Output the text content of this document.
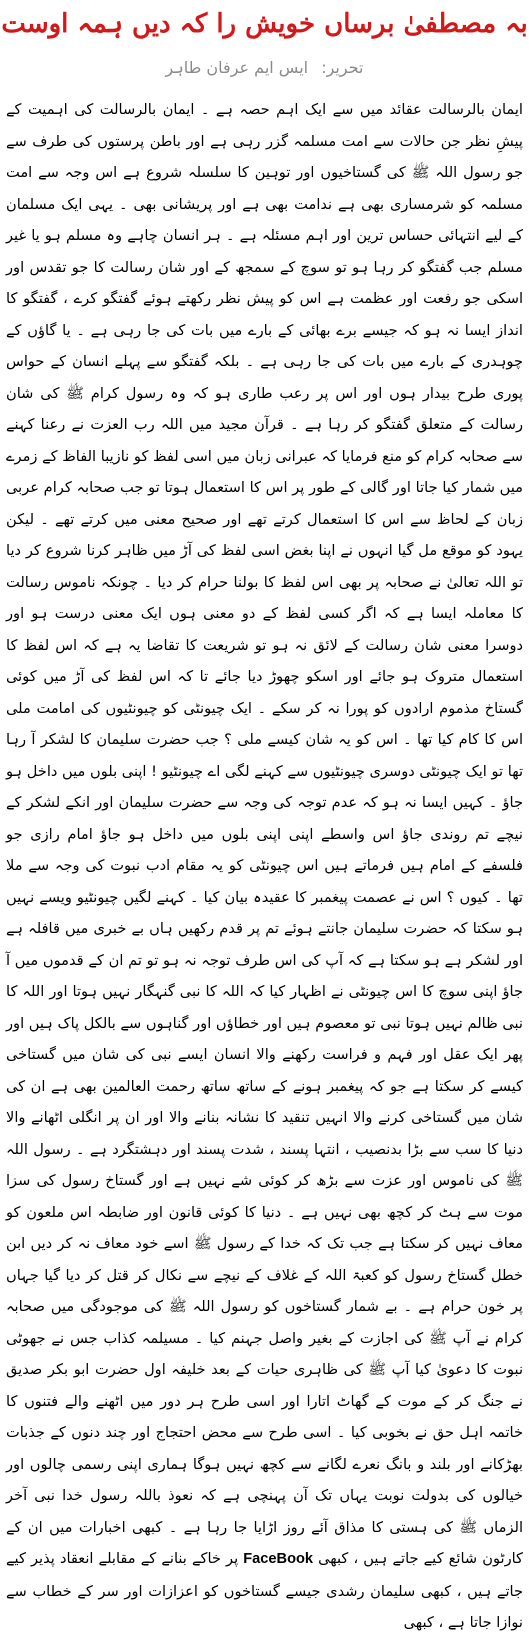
بہ مصطفیٰ برساں خویش را کہ دیں ہمہ اوست
تحریر: ایس ایم عرفان طاہر

ایمان بالرسالت عقائد میں سے ایک اہم حصہ ہے ۔ ایمان بالرسالت کی اہمیت کے پیشِ نظر جن حالات سے امت مسلمہ گزر رہی ہے اور باطن پرستوں کی طرف سے جو رسول اللہ ﷺ کی گستاخیوں اور توہین کا سلسلہ شروع ہے اس وجہ سے امت مسلمہ کو شرمساری بھی ہے ندامت بھی ہے اور پریشانی بھی ۔ یہی ایک مسلمان کے لیے انتہائی حساس ترین اور اہم مسئلہ ہے ۔ ہر انسان چاہے وہ مسلم ہو یا غیر مسلم جب گفتگو کر رہا ہو تو سوچ کے سمجھ کے اور شان رسالت کا جو تقدس اور اسکی جو رفعت اور عظمت ہے اس کو پیش نظر رکھتے ہوئے گفتگو کرے ، گفتگو کا انداز ایسا نہ ہو کہ جیسے برے بھائی کے بارے میں بات کی جا رہی ہے ۔ یا گاؤں کے چوہدری کے بارے میں بات کی جا رہی ہے ۔ بلکہ گفتگو سے پہلے انسان کے حواس پوری طرح بیدار ہوں اور اس پر رعب طاری ہو کہ وہ رسول کرام ﷺ کی شان رسالت کے متعلق گفتگو کر رہا ہے ۔ قرآن مجید میں اللہ رب العزت نے رعنا کہنے سے صحابہ کرام کو منع فرمایا کہ عبرانی زبان میں اسی لفظ کو نازیبا الفاظ کے زمرے میں شمار کیا جاتا اور گالی کے طور پر اس کا استعمال ہوتا تو جب صحابہ کرام عربی زبان کے لحاظ سے اس کا استعمال کرتے تھے اور صحیح معنی میں کرتے تھے ۔ لیکن یہود کو موقع مل گیا انہوں نے اپنا بغض اسی لفظ کی آڑ میں ظاہر کرنا شروع کر دیا تو اللہ تعالیٰ نے صحابہ پر بھی اس لفظ کا بولنا حرام کر دیا ۔ چونکہ ناموس رسالت کا معاملہ ایسا ہے کہ اگر کسی لفظ کے دو معنی ہوں ایک معنی درست ہو اور دوسرا معنی شان رسالت کے لائق نہ ہو تو شریعت کا تقاضا یہ ہے کہ اس لفظ کا استعمال متروک ہو جائے اور اسکو چھوڑ دیا جائے تا کہ اس لفظ کی آڑ میں کوئی گستاخ مذموم ارادوں کو پورا نہ کر سکے ۔ ایک چیونٹی کو چیونٹیوں کی امامت ملی اس کا کام کیا تھا ۔ اس کو یہ شان کیسے ملی ؟ جب حضرت سلیمان کا لشکر آ رہا تھا تو ایک چیونٹی دوسری چیونٹیوں سے کہنے لگی اے چیونٹیو ! اپنی بلوں میں داخل ہو جاؤ ۔ کہیں ایسا نہ ہو کہ عدم توجہ کی وجہ سے حضرت سلیمان اور انکے لشکر کے نیچے تم روندی جاؤ اس واسطے اپنی اپنی بلوں میں داخل ہو جاؤ امام رازی جو فلسفے کے امام ہیں فرماتے ہیں اس چیونٹی کو یہ مقام ادب نبوت کی وجہ سے ملا تھا ۔ کیوں ؟ اس نے عصمت پیغمبر کا عقیدہ بیان کیا ۔ کہنے لگیں چیونٹیو ویسے نہیں ہو سکتا کہ حضرت سلیمان جانتے ہوئے تم پر قدم رکھیں ہاں بے خبری میں قافلہ ہے اور لشکر ہے ہو سکتا ہے کہ آپ کی اس طرف توجہ نہ ہو تو تم ان کے قدموں میں آ جاؤ اپنی سوچ کا اس چیونٹی نے اظہار کیا کہ اللہ کا نبی گنہگار نہیں ہوتا اور اللہ کا نبی ظالم نہیں ہوتا نبی تو معصوم ہیں اور خطاؤں اور گناہوں سے بالکل پاک ہیں اور پھر ایک عقل اور فہم و فراست رکھنے والا انسان ایسے نبی کی شان میں گستاخی کیسے کر سکتا ہے جو کہ پیغمبر ہونے کے ساتھ ساتھ رحمت العالمین بھی ہے ان کی شان میں گستاخی کرنے والا انہیں تنقید کا نشانہ بنانے والا اور ان پر انگلی اٹھانے والا دنیا کا سب سے بڑا بدنصیب ، انتہا پسند ، شدت پسند اور دہشتگرد ہے ۔ رسول اللہ ﷺ کی ناموس اور عزت سے بڑھ کر کوئی شے نہیں ہے اور گستاخ رسول کی سزا موت سے ہٹ کر کچھ بھی نہیں ہے ۔ دنیا کا کوئی قانون اور ضابطہ اس ملعون کو معاف نہیں کر سکتا ہے جب تک کہ خدا کے رسول ﷺ اسے خود معاف نہ کر دیں ابن خطل گستاخ رسول کو کعبۃ اللہ کے غلاف کے نیچے سے نکال کر قتل کر دیا گیا جہاں پر خون حرام ہے ۔ بے شمار گستاخوں کو رسول اللہ ﷺ کی موجودگی میں صحابہ کرام نے آپ ﷺ کی اجازت کے بغیر واصل جہنم کیا ۔ مسیلمہ کذاب جس نے جھوٹی نبوت کا دعویٰ کیا آپ ﷺ کی ظاہری حیات کے بعد خلیفہ اول حضرت ابو بکر صدیق نے جنگ کر کے موت کے گھاٹ اتارا اور اسی طرح ہر دور میں اٹھنے والے فتنوں کا خاتمہ اہل حق نے بخوبی کیا ۔ اسی طرح سے محض احتجاج اور چند دنوں کے جذبات بھڑکانے اور بلند و بانگ نعرے لگانے سے کچھ نہیں ہوگا ہماری اپنی رسمی چالوں اور خیالوں کی بدولت نوبت یہاں تک آن پہنچی ہے کہ نعوذ باللہ رسول خدا نبی آخر الزماں ﷺ کی ہستی کا مذاق آئے روز اڑایا جا رہا ہے ۔ کبھی اخبارات میں ان کے کارٹون شائع کیے جاتے ہیں ، کبھی FaceBook پر خاکے بنانے کے مقابلے انعقاد پذیر کیے جاتے ہیں ، کبھی سلیمان رشدی جیسے گستاخوں کو اعزازات اور سر کے خطاب سے نوازا جاتا ہے ، کبھی
